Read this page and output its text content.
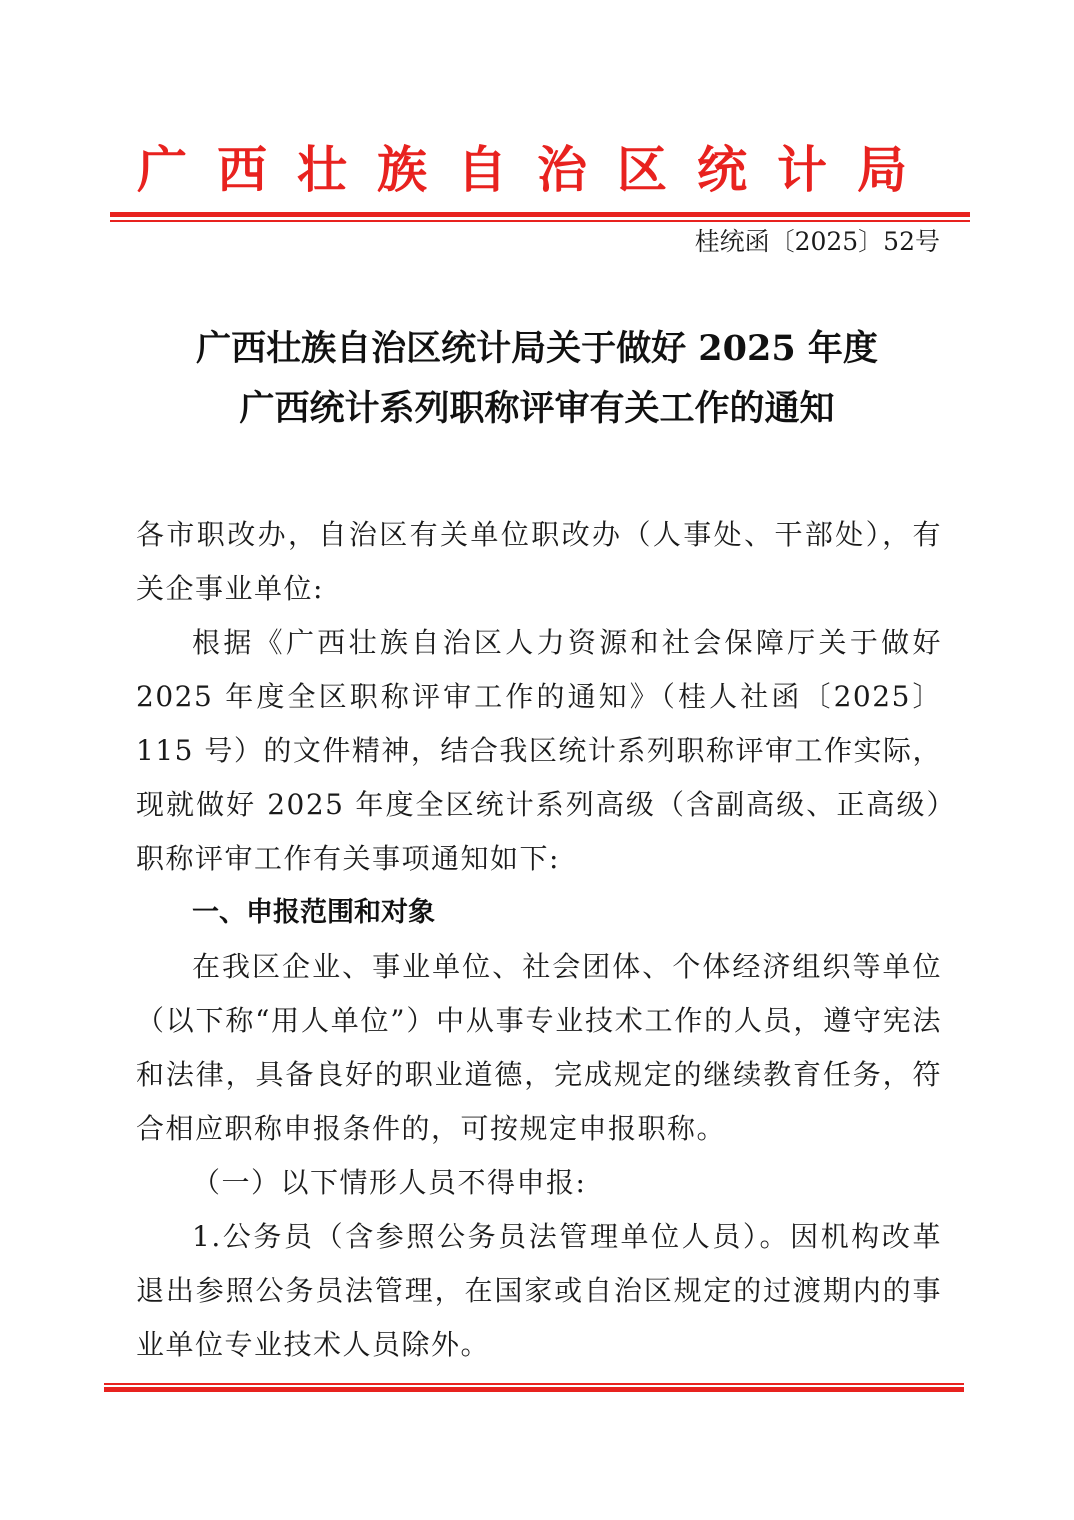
广西壮族自治区统计局
桂统函〔2025〕52号
广西壮族自治区统计局关于做好 2025 年度
广西统计系列职称评审有关工作的通知

各市职改办，自治区有关单位职改办（人事处、干部处），有关企事业单位:

根据《广西壮族自治区人力资源和社会保障厅关于做好 2025 年度全区职称评审工作的通知》（桂人社函〔2025〕115 号）的文件精神，结合我区统计系列职称评审工作实际，现就做好 2025 年度全区统计系列高级（含副高级、正高级）职称评审工作有关事项通知如下:

一、申报范围和对象

在我区企业、事业单位、社会团体、个体经济组织等单位（以下称“用人单位”）中从事专业技术工作的人员，遵守宪法和法律，具备良好的职业道德，完成规定的继续教育任务，符合相应职称申报条件的，可按规定申报职称。

（一）以下情形人员不得申报:

1.公务员（含参照公务员法管理单位人员）。因机构改革退出参照公务员法管理，在国家或自治区规定的过渡期内的事业单位专业技术人员除外。
